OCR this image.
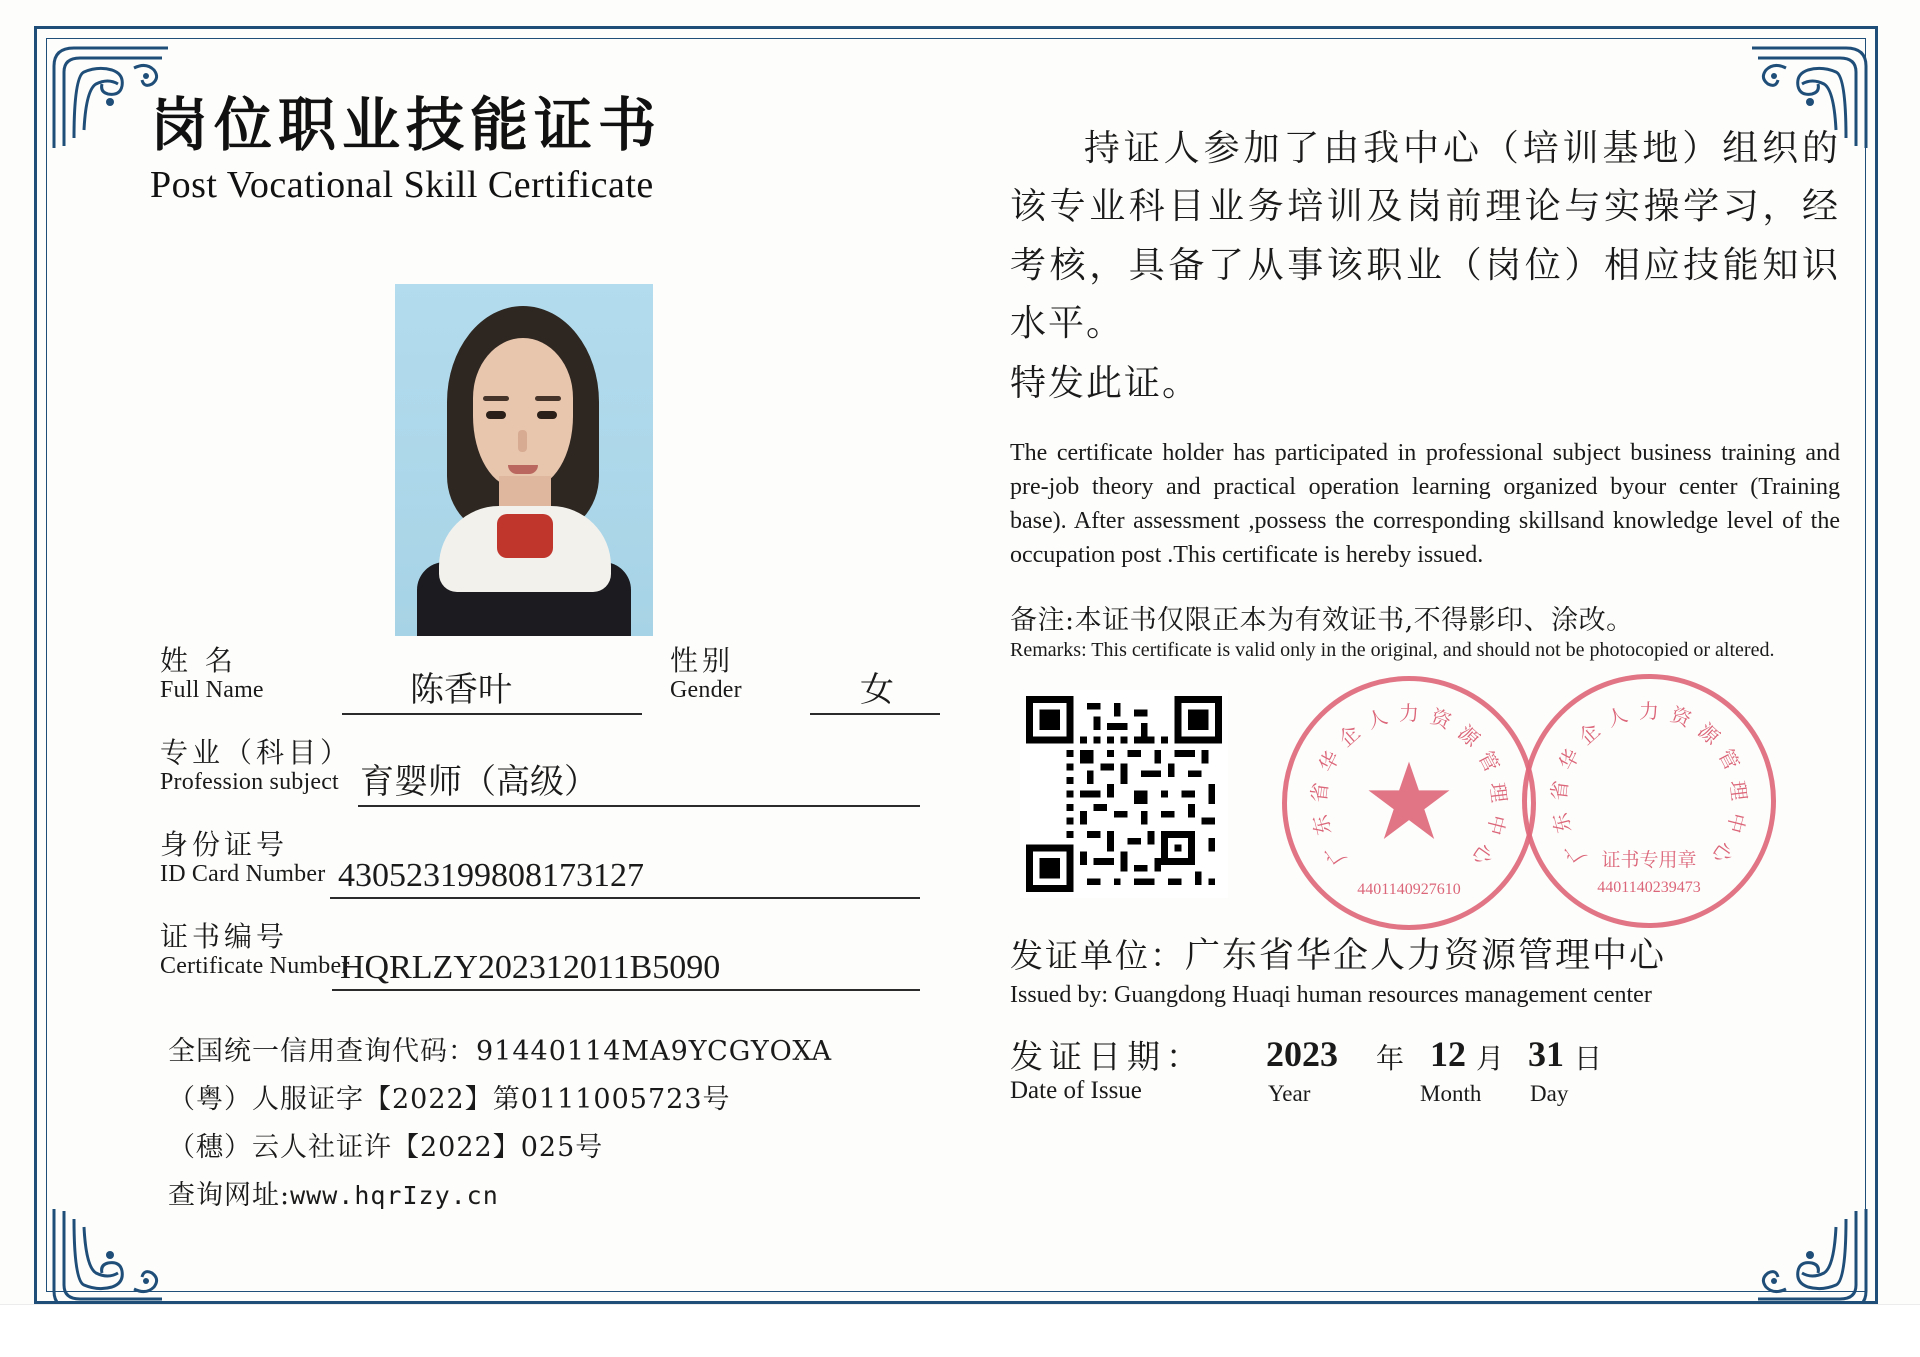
岗位职业技能证书
Post Vocational Skill Certificate
姓 名
Full Name	陈香叶
性别
Gender	女
专业（科目）
Profession subject 育婴师（高级）
身份证号
ID Card Number 430523199808173127
证书编号
Certificate Number
HQRLZY202312011B5090
全国统一信用查询代码：91440114MA9YCGYOXA
（粤）人服证字【2022】第0111005723号
（穗）云人社证许【2022】025号
查询网址:www.hqrIzy.cn
持证人参加了由我中心（培训基地）组织的该专业科目业务培训及岗前理论与实操学习，经考核，具备了从事该职业（岗位）相应技能知识水平。
特发此证。
The certificate holder has participated in professional subject business training and pre-job theory and practical operation learning organized byour center (Training base). After assessment ,possess the corresponding skillsand knowledge level of the occupation post .This certificate is hereby issued.
备注:本证书仅限正本为有效证书,不得影印、涂改。
Remarks: This certificate is valid only in the original, and should not be photocopied or altered.
广
东
省
华
企
人 力 资
源
管
理
中
心
4401140927610
广
东
省
华
企
人 力 资
源
管
理
中
心
证书专用章
4401140239473
发证单位：广东省华企人力资源管理中心
Issued by: Guangdong Huaqi human resources management center
发证日期：
Date of Issue
2023 年 12 月 31 日
Year	Month Day
